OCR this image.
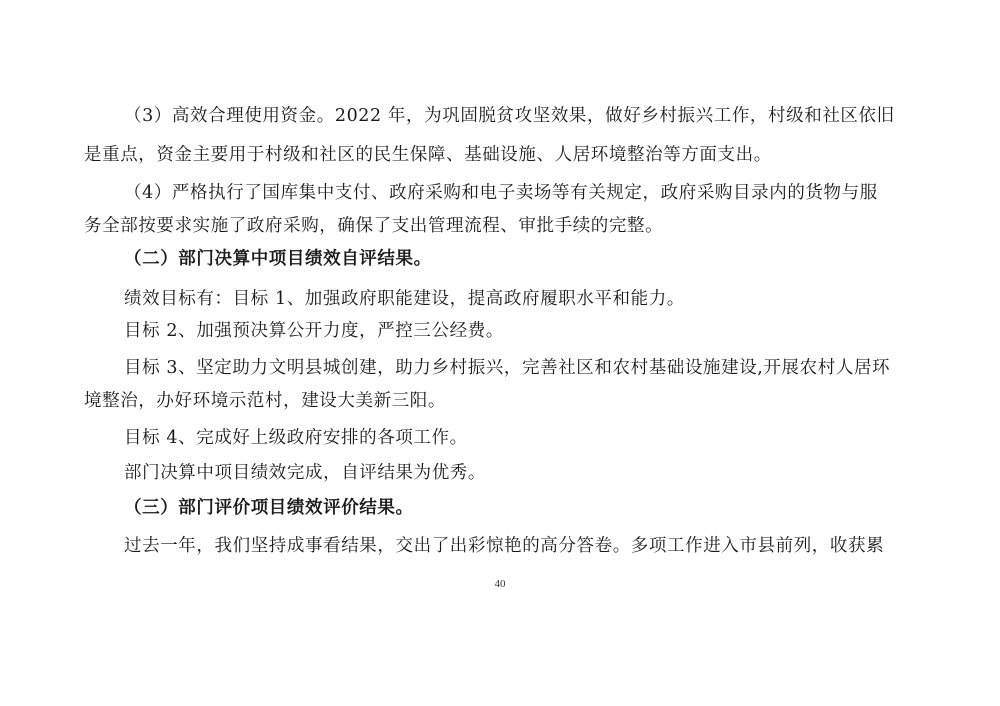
（3）高效合理使用资金。2022 年，为巩固脱贫攻坚效果，做好乡村振兴工作，村级和社区依旧
是重点，资金主要用于村级和社区的民生保障、基础设施、人居环境整治等方面支出。
（4）严格执行了国库集中支付、政府采购和电子卖场等有关规定，政府采购目录内的货物与服
务全部按要求实施了政府采购，确保了支出管理流程、审批手续的完整。
（二）部门决算中项目绩效自评结果。
绩效目标有：目标 1、加强政府职能建设，提高政府履职水平和能力。
目标 2、加强预决算公开力度，严控三公经费。
目标 3、坚定助力文明县城创建，助力乡村振兴，完善社区和农村基础设施建设,开展农村人居环
境整治，办好环境示范村，建设大美新三阳。
目标 4、完成好上级政府安排的各项工作。
部门决算中项目绩效完成，自评结果为优秀。
（三）部门评价项目绩效评价结果。
过去一年，我们坚持成事看结果，交出了出彩惊艳的高分答卷。多项工作进入市县前列，收获累
40
